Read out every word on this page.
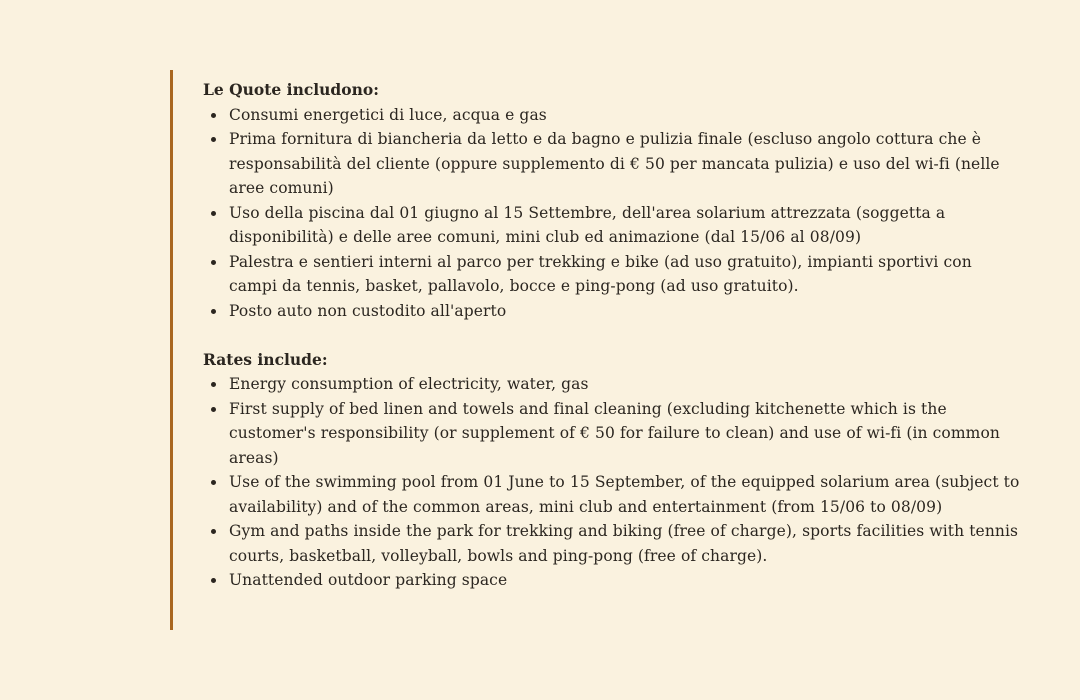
Le Quote includono:

Consumi energetici di luce, acqua e gas
Prima fornitura di biancheria da letto e da bagno e pulizia finale (escluso angolo cottura che è responsabilità del cliente (oppure supplemento di € 50 per mancata pulizia) e uso del wi-fi (nelle aree comuni)
Uso della piscina dal 01 giugno al 15 Settembre, dell'area solarium attrezzata (soggetta a disponibilità) e delle aree comuni, mini club ed animazione (dal 15/06 al 08/09)
Palestra e sentieri interni al parco per trekking e bike (ad uso gratuito), impianti sportivi con campi da tennis, basket, pallavolo, bocce e ping-pong (ad uso gratuito).
Posto auto non custodito all'aperto

Rates include:

Energy consumption of electricity, water, gas
First supply of bed linen and towels and final cleaning (excluding kitchenette which is the customer's responsibility (or supplement of € 50 for failure to clean) and use of wi-fi (in common areas)
Use of the swimming pool from 01 June to 15 September, of the equipped solarium area (subject to availability) and of the common areas, mini club and entertainment (from 15/06 to 08/09)
Gym and paths inside the park for trekking and biking (free of charge), sports facilities with tennis courts, basketball, volleyball, bowls and ping-pong (free of charge).
Unattended outdoor parking space
